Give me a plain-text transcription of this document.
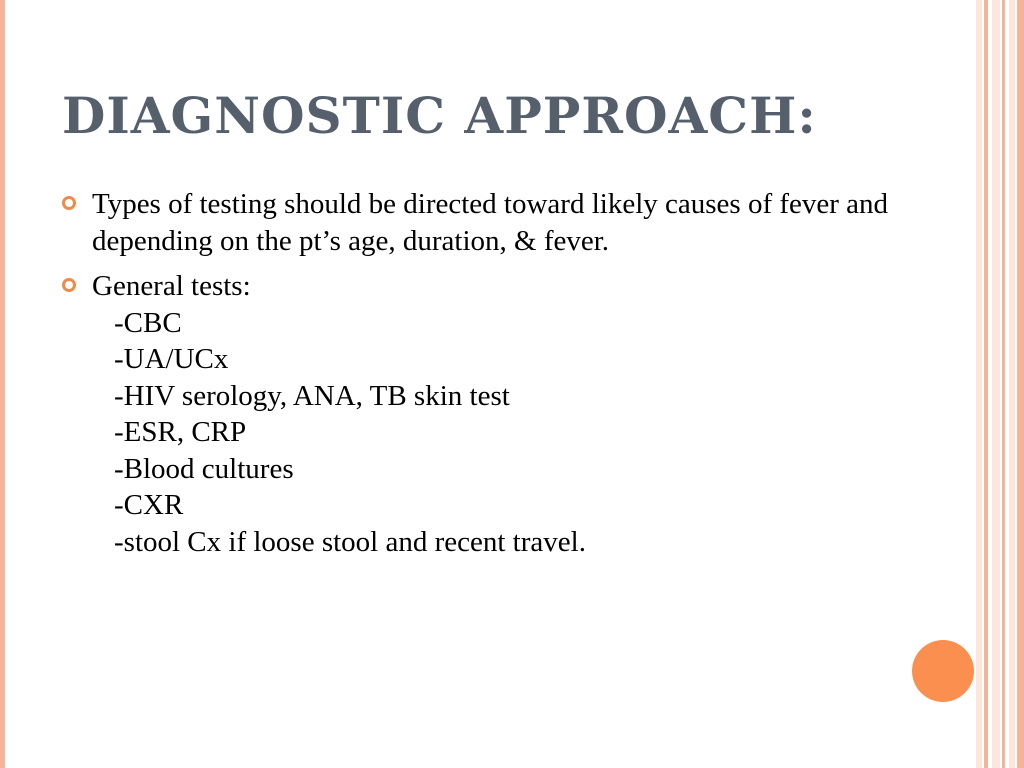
DIAGNOSTIC APPROACH:
Types of testing should be directed toward likely causes of fever and depending on the pt’s age, duration, & fever.
General tests:
-CBC
-UA/UCx
-HIV serology, ANA, TB skin test
-ESR, CRP
-Blood cultures
-CXR
-stool Cx if loose stool and recent travel.
